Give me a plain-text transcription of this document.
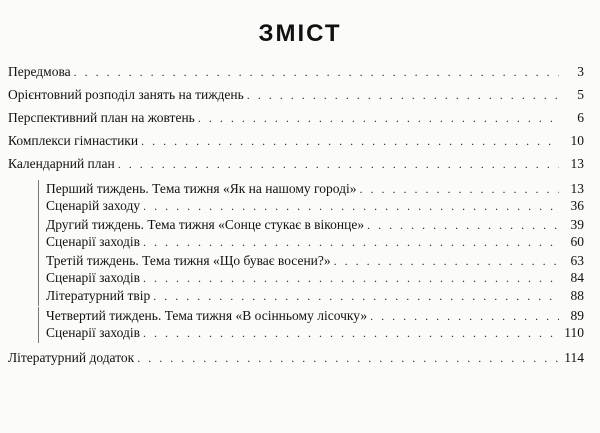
ЗМІСТ
Передмова . . .	3
Орієнтовний розподіл занять на тиждень . . .	5
Перспективний план на жовтень . . .	6
Комплекси гімнастики . . .	10
Календарний план . . .	13
Перший тиждень. Тема тижня «Як на нашому городі» . . .	13
Сценарій заходу . . .	36
Другий тиждень. Тема тижня «Сонце стукає в віконце» . . .	39
Сценарії заходів . . .	60
Третій тиждень. Тема тижня «Що буває восени?» . . .	63
Сценарії заходів . . .	84
Літературний твір . . .	88
Четвертий тиждень. Тема тижня «В осінньому лісочку» . . .	89
Сценарії заходів . . .	110
Літературний додаток . . .	114
